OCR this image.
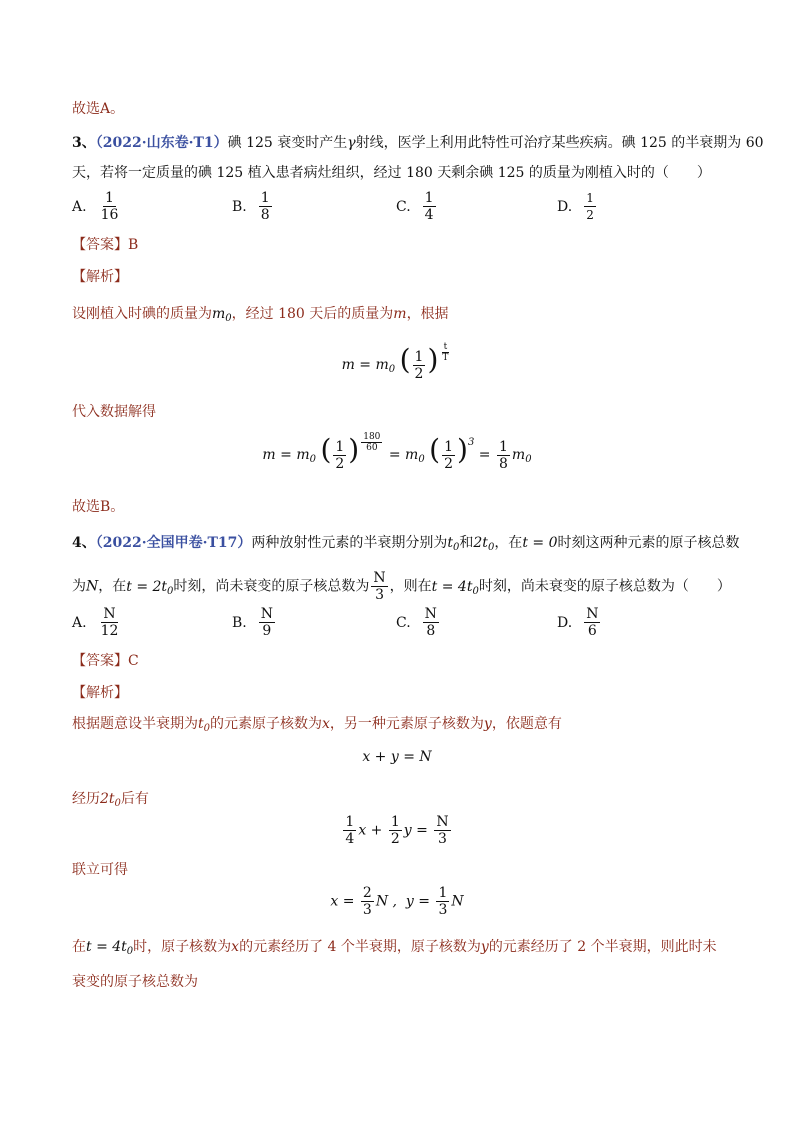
故选A。
3、（2022·山东卷·T1）碘 125 衰变时产生γ射线，医学上利用此特性可治疗某些疾病。碘 125 的半衰期为 60
天，若将一定质量的碘 125 植入患者病灶组织，经过 180 天剩余碘 125 的质量为刚植入时的（　　）
A. $\frac{1}{16}$	B. $\frac{1}{8}$	C. $\frac{1}{4}$	D. $\frac{1}{2}$
【答案】B
【解析】
设刚植入时碘的质量为$m_0$，经过 180 天后的质量为m，根据
$m = m_0$ ( $\frac{1}{2}$ ) $^{\frac{t}{T}}$
代入数据解得
$m = m_0$ ( $\frac{1}{2}$ ) $^{\frac{180}{60}}$
= $m_0$ ( $\frac{1}{2} )^3 = \frac{1}{8} m_0$
故选B。
4、（2022·全国甲卷·T17）两种放射性元素的半衰期分别为$t_0$和$2t_0$，在t = 0时刻这两种元素的原子核总数
为N，在$t = 2t_0$时刻，尚未衰变的原子核总数为 $\frac{N}{3}$ ，则在$t = 4t_0$时刻，尚未衰变的原子核总数为（　　）
A. $\frac{N}{12}$	B. $\frac{N}{9}$	C. $\frac{N}{8}$	D. $\frac{N}{6}$
【答案】C
【解析】
根据题意设半衰期为$t_0$的元素原子核数为x，另一种元素原子核数为y，依题意有
x + y = N
经历$2t_0$后有
$\frac{1}{4}$ $x + \frac{1}{2}$ $y = \frac{N}{3}$
联立可得
$x = \frac{2}{3}$ N ,  $y = \frac{1}{3}$ N
在$t = 4t_0$时，原子核数为x的元素经历了 4 个半衰期，原子核数为y的元素经历了 2 个半衰期，则此时未
衰变的原子核总数为
